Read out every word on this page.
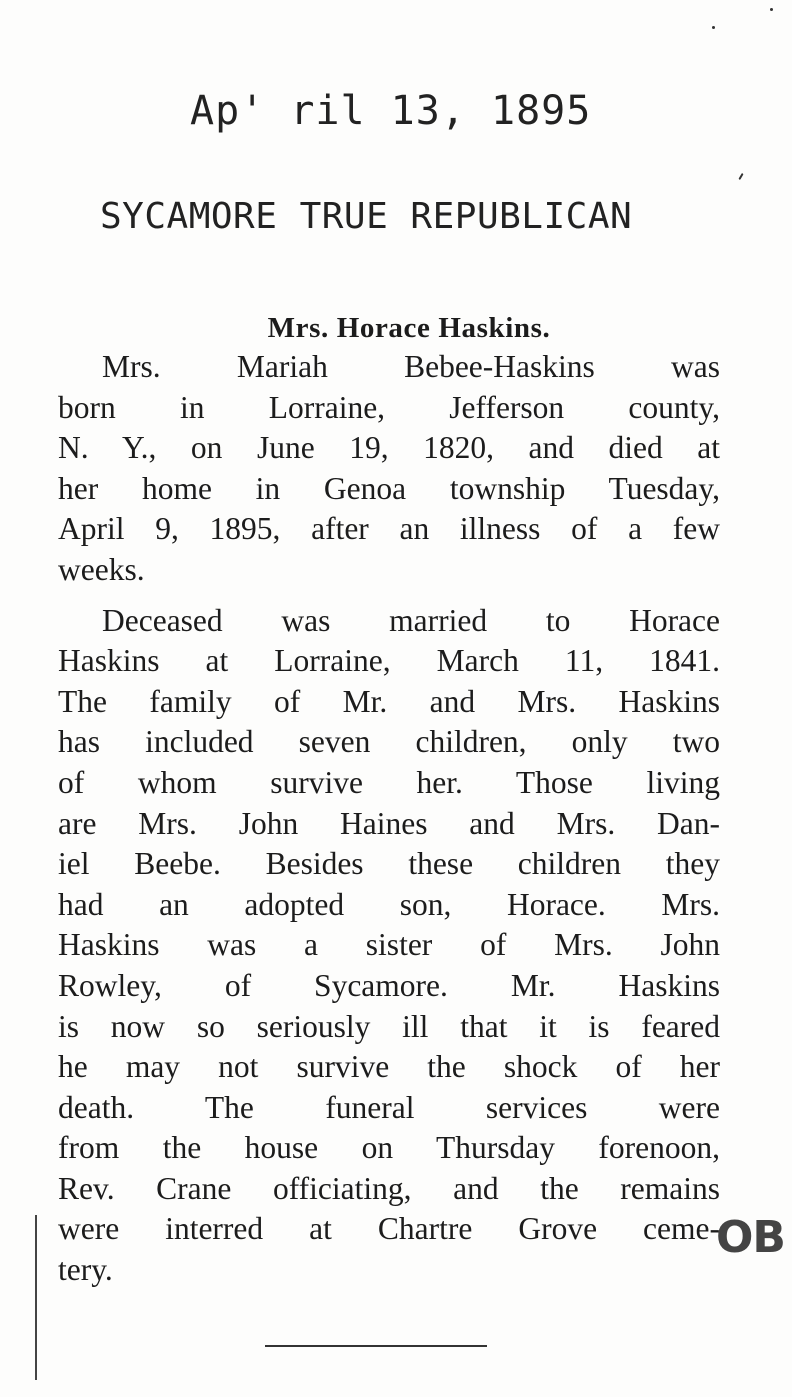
Ap' ril 13, 1895
SYCAMORE TRUE REPUBLICAN
Mrs. Horace Haskins.
Mrs. Mariah Bebee-Haskins was
born in Lorraine, Jefferson county,
N. Y., on June 19, 1820, and died at
her home in Genoa township Tuesday,
April 9, 1895, after an illness of a few
weeks.
Deceased was married to Horace
Haskins at Lorraine, March 11, 1841.
The family of Mr. and Mrs. Haskins
has included seven children, only two
of whom survive her. Those living
are Mrs. John Haines and Mrs. Dan-
iel Beebe. Besides these children they
had an adopted son, Horace. Mrs.
Haskins was a sister of Mrs. John
Rowley, of Sycamore. Mr. Haskins
is now so seriously ill that it is feared
he may not survive the shock of her
death. The funeral services were
from the house on Thursday forenoon,
Rev. Crane officiating, and the remains
were interred at Chartre Grove ceme-
tery.
OB
